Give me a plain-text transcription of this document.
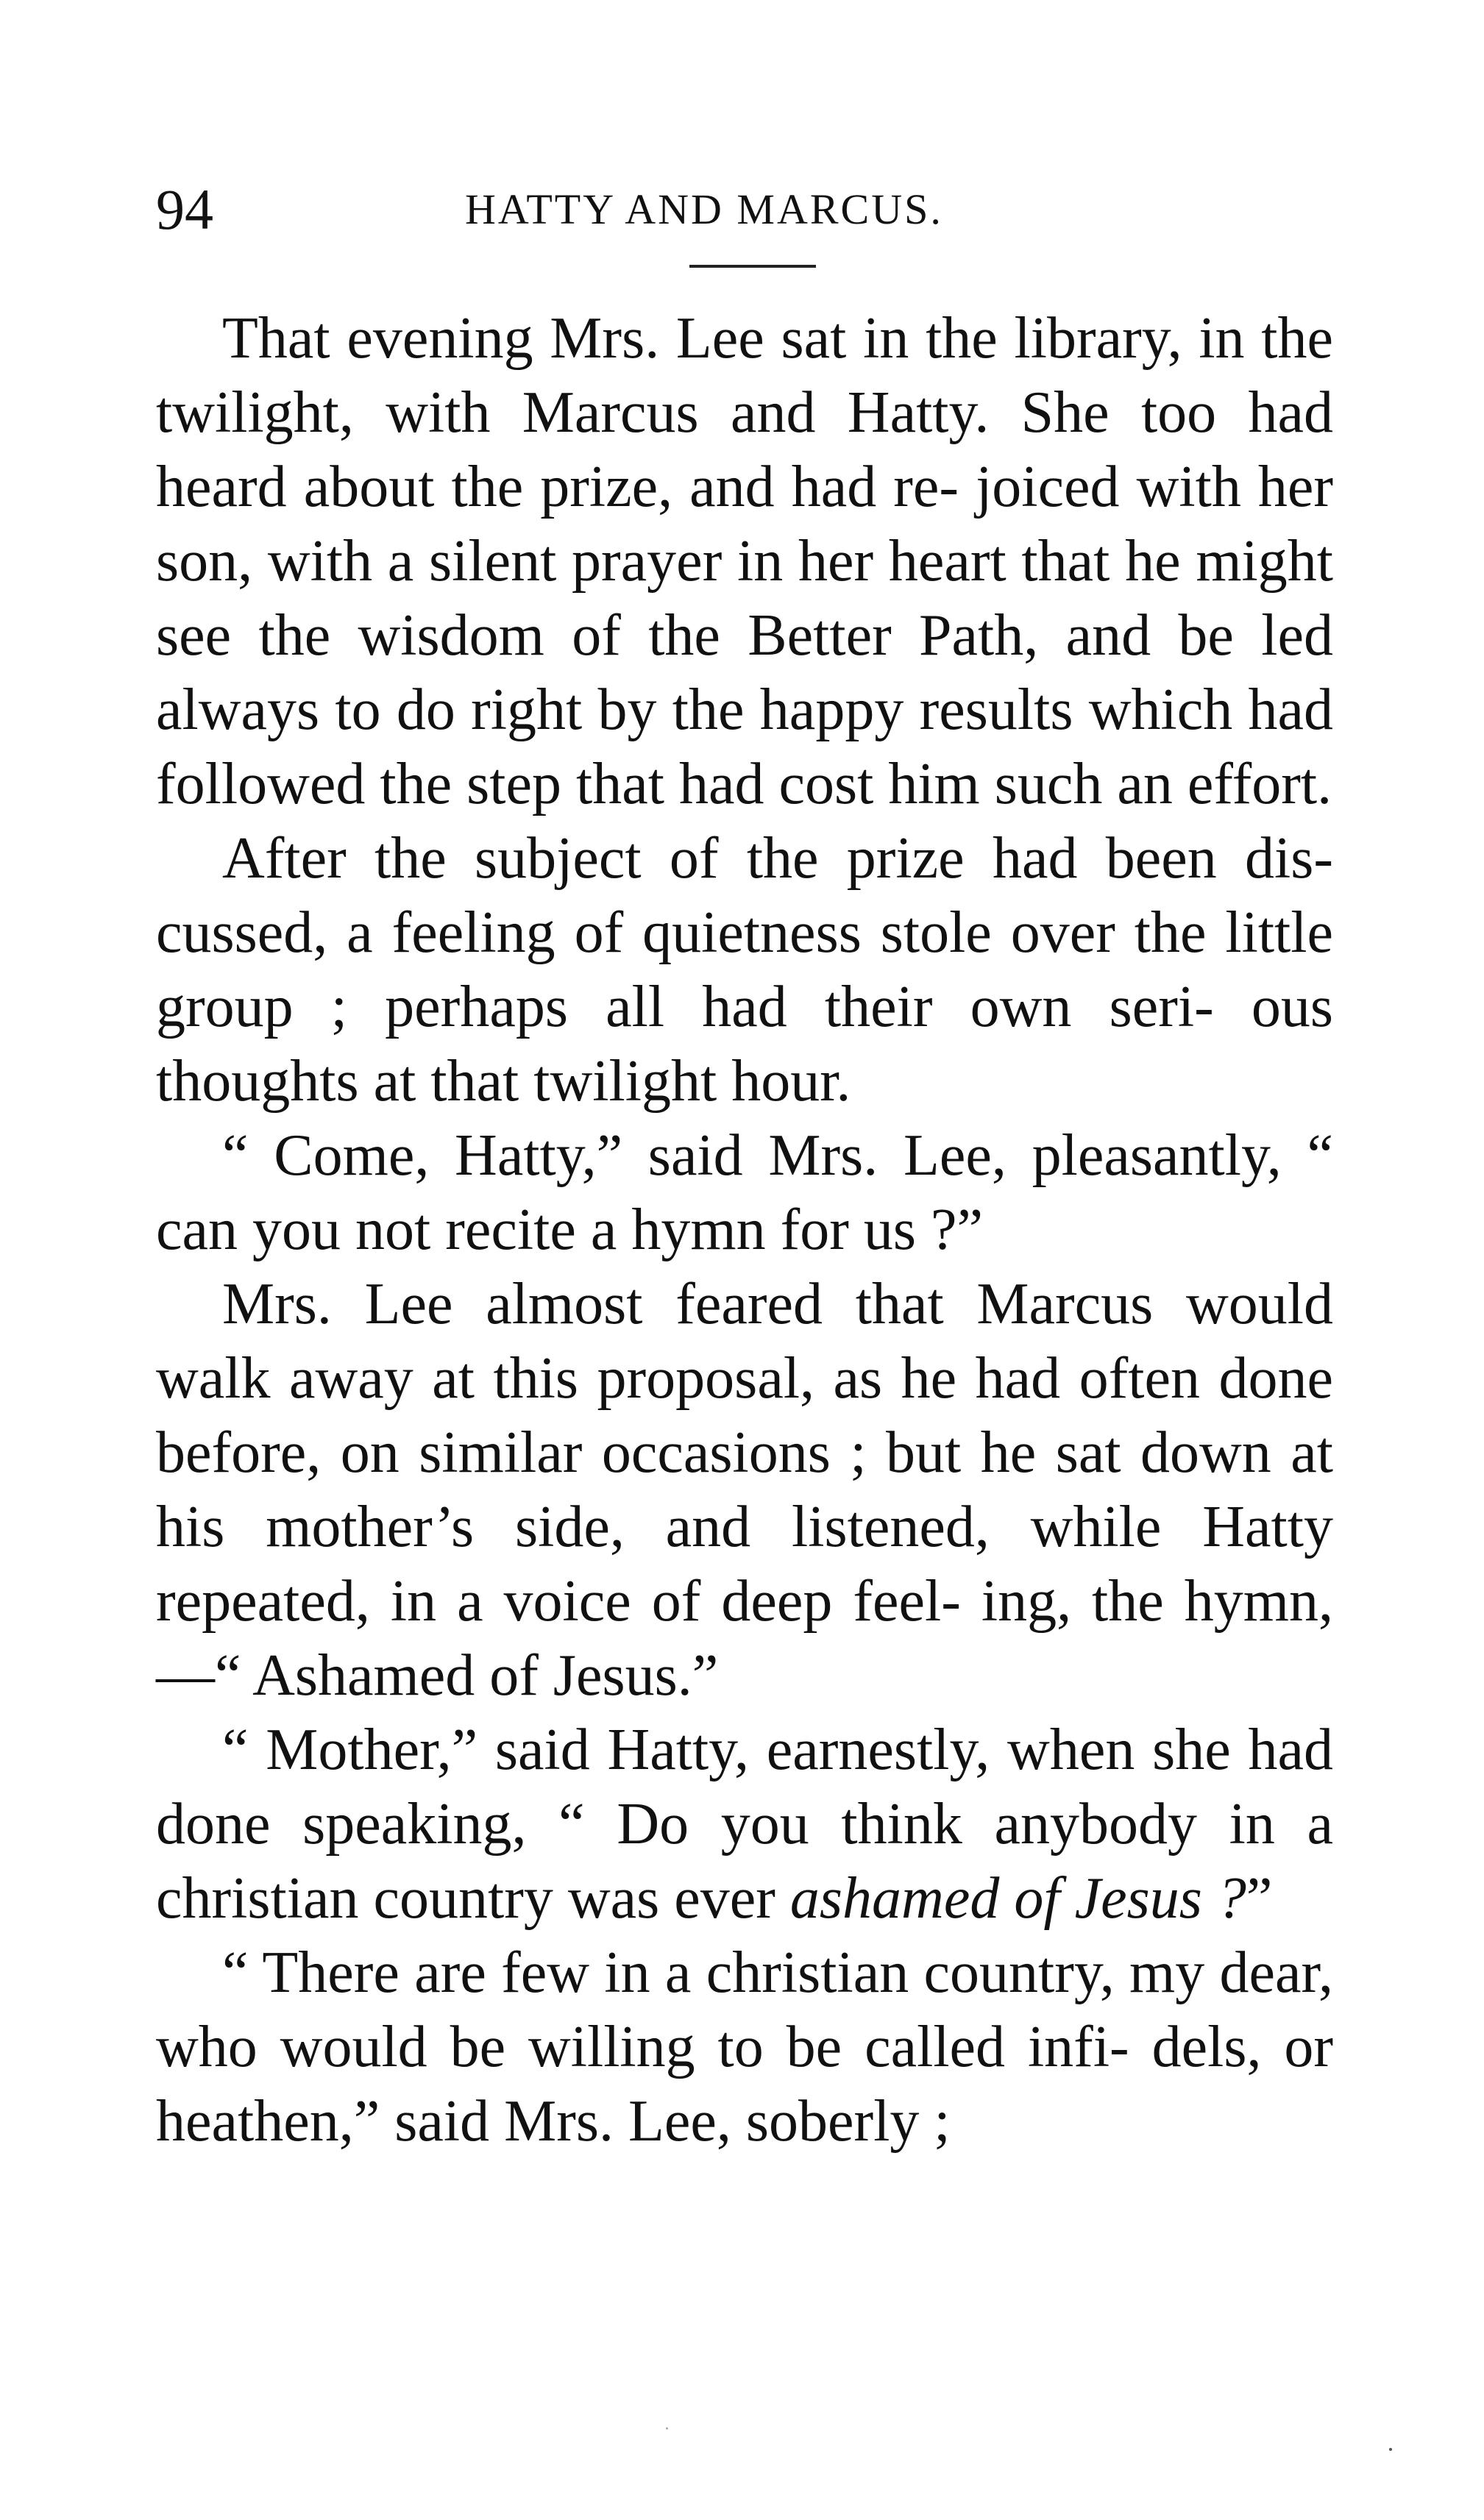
94	HATTY AND MARCUS.

That evening Mrs. Lee sat in the library, in the twilight, with Marcus and Hatty. She too had heard about the prize, and had re- joiced with her son, with a silent prayer in her heart that he might see the wisdom of the Better Path, and be led always to do right by the happy results which had followed the step that had cost him such an effort.

After the subject of the prize had been dis- cussed, a feeling of quietness stole over the little group ; perhaps all had their own seri- ous thoughts at that twilight hour.

“ Come, Hatty,” said Mrs. Lee, pleasantly, “ can you not recite a hymn for us ?”

Mrs. Lee almost feared that Marcus would walk away at this proposal, as he had often done before, on similar occasions ; but he sat down at his mother’s side, and listened, while Hatty repeated, in a voice of deep feel- ing, the hymn,—“ Ashamed of Jesus.”

“ Mother,” said Hatty, earnestly, when she had done speaking, “ Do you think anybody in a christian country was ever ashamed of Jesus ?”

“ There are few in a christian country, my dear, who would be willing to be called infi- dels, or heathen,” said Mrs. Lee, soberly ;
